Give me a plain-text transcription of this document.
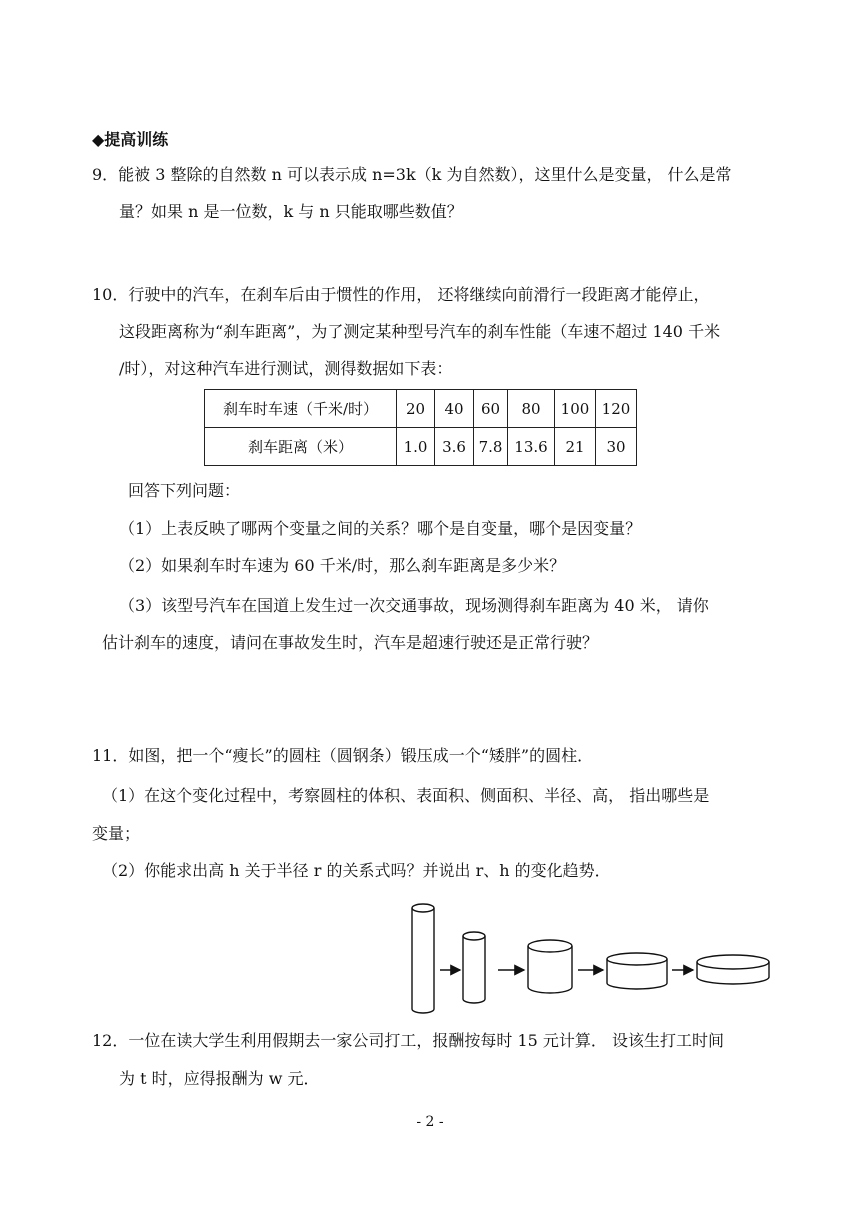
◆提高训练
9．能被 3 整除的自然数 n 可以表示成 n=3k（k 为自然数），这里什么是变量， 什么是常
量？如果 n 是一位数，k 与 n 只能取哪些数值？
10．行驶中的汽车，在刹车后由于惯性的作用， 还将继续向前滑行一段距离才能停止，
这段距离称为“刹车距离”，为了测定某种型号汽车的刹车性能（车速不超过 140 千米
/时），对这种汽车进行测试，测得数据如下表：
刹车时车速（千米/时）	20	40	60	80	100	120
刹车距离（米）	1.0	3.6	7.8	13.6	21	30
回答下列问题：
（1）上表反映了哪两个变量之间的关系？哪个是自变量，哪个是因变量？
（2）如果刹车时车速为 60 千米/时，那么刹车距离是多少米？
（3）该型号汽车在国道上发生过一次交通事故，现场测得刹车距离为 40 米， 请你
估计刹车的速度，请问在事故发生时，汽车是超速行驶还是正常行驶？
11．如图，把一个“瘦长”的圆柱（圆钢条）锻压成一个“矮胖”的圆柱．
（1）在这个变化过程中，考察圆柱的体积、表面积、侧面积、半径、高， 指出哪些是
变量；
（2）你能求出高 h 关于半径 r 的关系式吗？并说出 r、h 的变化趋势．
12．一位在读大学生利用假期去一家公司打工，报酬按每时 15 元计算． 设该生打工时间
为 t 时，应得报酬为 w 元．
- 2 -
